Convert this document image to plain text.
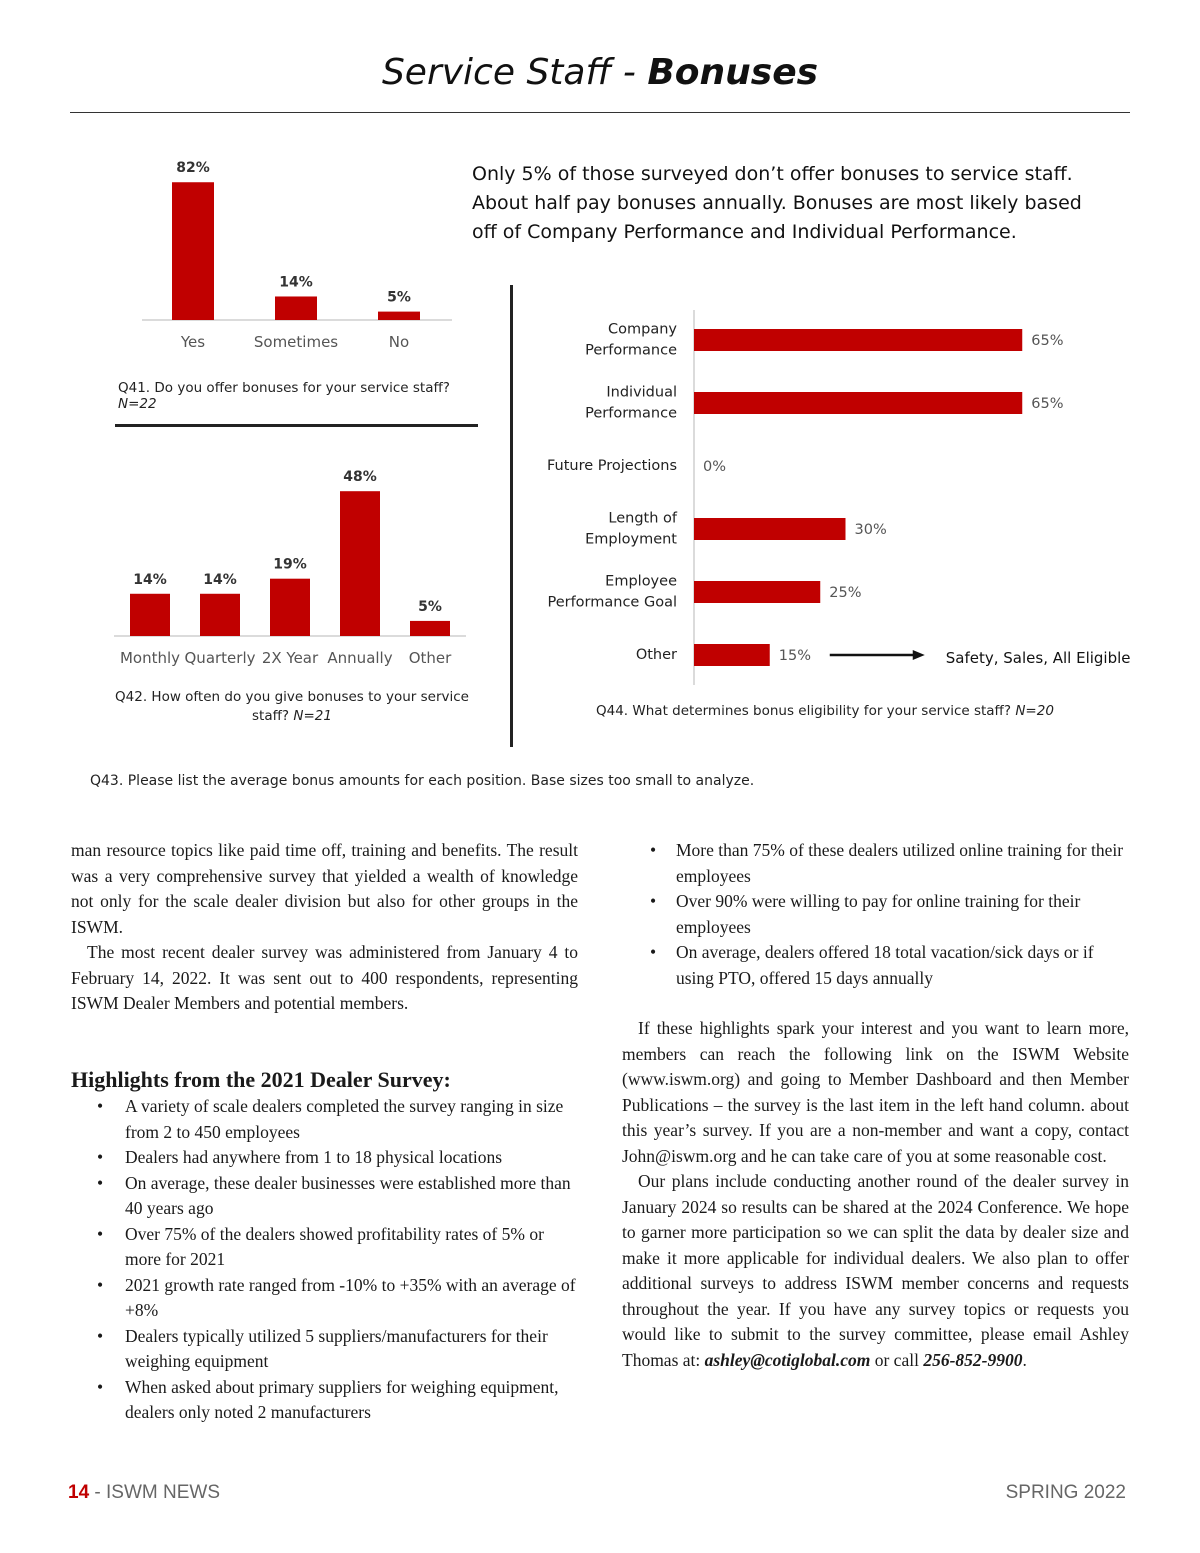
Service Staff - Bonuses
82%
Yes
14%
Sometimes
5%
No
Q41. Do you offer bonuses for your service staff? N=22
14%
Monthly
14%
Quarterly
19%
2X Year
48%
Annually
5%
Other
Q42. How often do you give bonuses to your service staff? N=21
Only 5% of those surveyed don’t offer bonuses to service staff. About half pay bonuses annually. Bonuses are most likely based off of Company Performance and Individual Performance.
65%
Company
Performance
65%
Individual
Performance
0%
Future Projections
30%
Length of
Employment
25%
Employee
Performance Goal
15%
Other	Safety, Sales, All Eligible
Q44. What determines bonus eligibility for your service staff? N=20
Q43. Please list the average bonus amounts for each position. Base sizes too small to analyze.

man resource topics like paid time off, training and benefits. The result was a very comprehensive survey that yielded a wealth of knowledge not only for the scale dealer division but also for other groups in the ISWM.

The most recent dealer survey was administered from January 4 to February 14, 2022. It was sent out to 400 respondents, representing ISWM Dealer Members and potential members.

Highlights from the 2021 Dealer Survey:
• A variety of scale dealers completed the survey ranging in size from 2 to 450 employees
• Dealers had anywhere from 1 to 18 physical locations
• On average, these dealer businesses were established more than 40 years ago
• Over 75% of the dealers showed profitability rates of 5% or more for 2021
• 2021 growth rate ranged from -10% to +35% with an average of +8%
• Dealers typically utilized 5 suppliers/manufacturers for their weighing equipment
• When asked about primary suppliers for weighing equipment, dealers only noted 2 manufacturers
• More than 75% of these dealers utilized online training for their employees
• Over 90% were willing to pay for online training for their employees
• On average, dealers offered 18 total vacation/sick days or if using PTO, offered 15 days annually

If these highlights spark your interest and you want to learn more, members can reach the following link on the ISWM Website (www.iswm.org) and going to Member Dashboard and then Member Publications – the survey is the last item in the left hand column. about this year’s survey. If you are a non-member and want a copy, contact John@iswm.org and he can take care of you at some reasonable cost.

Our plans include conducting another round of the dealer survey in January 2024 so results can be shared at the 2024 Conference. We hope to garner more participation so we can split the data by dealer size and make it more applicable for individual dealers. We also plan to offer additional surveys to address ISWM member concerns and requests throughout the year. If you have any survey topics or requests you would like to submit to the survey committee, please email Ashley Thomas at: ashley@cotiglobal.com or call 256-852-9900.

14 - ISWM NEWS	SPRING 2022
